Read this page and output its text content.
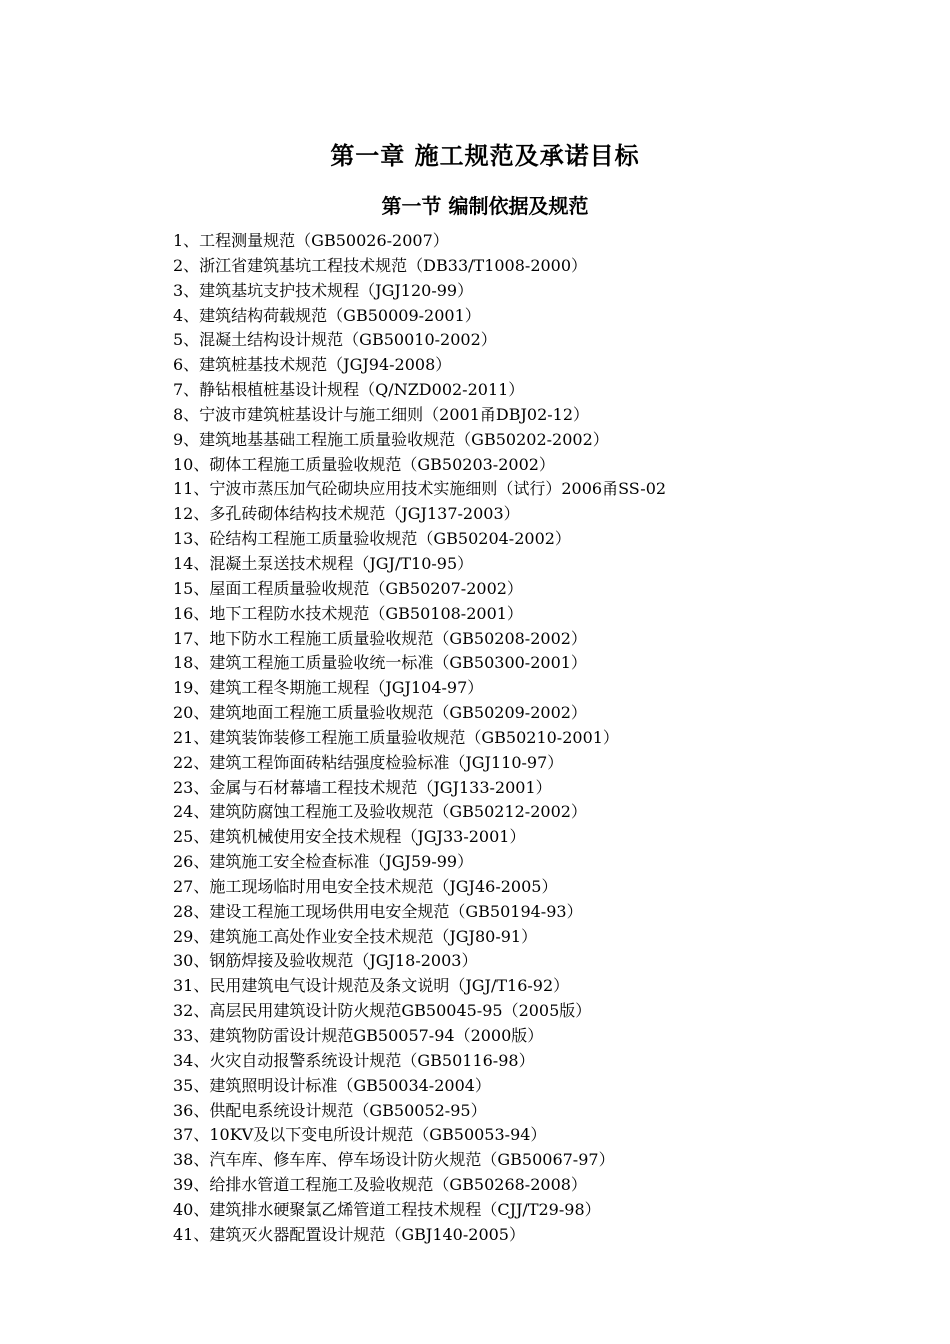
第一章 施工规范及承诺目标
第一节 编制依据及规范
1、工程测量规范（GB50026-2007）
2、浙江省建筑基坑工程技术规范（DB33/T1008-2000）
3、建筑基坑支护技术规程（JGJ120-99）
4、建筑结构荷载规范（GB50009-2001）
5、混凝土结构设计规范（GB50010-2002）
6、建筑桩基技术规范（JGJ94-2008）
7、静钻根植桩基设计规程（Q/NZD002-2011）
8、宁波市建筑桩基设计与施工细则（2001甬DBJ02-12）
9、建筑地基基础工程施工质量验收规范（GB50202-2002）
10、砌体工程施工质量验收规范（GB50203-2002）
11、宁波市蒸压加气砼砌块应用技术实施细则（试行）2006甬SS-02
12、多孔砖砌体结构技术规范（JGJ137-2003）
13、砼结构工程施工质量验收规范（GB50204-2002）
14、混凝土泵送技术规程（JGJ/T10-95）
15、屋面工程质量验收规范（GB50207-2002）
16、地下工程防水技术规范（GB50108-2001）
17、地下防水工程施工质量验收规范（GB50208-2002）
18、建筑工程施工质量验收统一标准（GB50300-2001）
19、建筑工程冬期施工规程（JGJ104-97）
20、建筑地面工程施工质量验收规范（GB50209-2002）
21、建筑装饰装修工程施工质量验收规范（GB50210-2001）
22、建筑工程饰面砖粘结强度检验标准（JGJ110-97）
23、金属与石材幕墙工程技术规范（JGJ133-2001）
24、建筑防腐蚀工程施工及验收规范（GB50212-2002）
25、建筑机械使用安全技术规程（JGJ33-2001）
26、建筑施工安全检查标准（JGJ59-99）
27、施工现场临时用电安全技术规范（JGJ46-2005）
28、建设工程施工现场供用电安全规范（GB50194-93）
29、建筑施工高处作业安全技术规范（JGJ80-91）
30、钢筋焊接及验收规范（JGJ18-2003）
31、民用建筑电气设计规范及条文说明（JGJ/T16-92）
32、高层民用建筑设计防火规范GB50045-95（2005版）
33、建筑物防雷设计规范GB50057-94（2000版）
34、火灾自动报警系统设计规范（GB50116-98）
35、建筑照明设计标准（GB50034-2004）
36、供配电系统设计规范（GB50052-95）
37、10KV及以下变电所设计规范（GB50053-94）
38、汽车库、修车库、停车场设计防火规范（GB50067-97）
39、给排水管道工程施工及验收规范（GB50268-2008）
40、建筑排水硬聚氯乙烯管道工程技术规程（CJJ/T29-98）
41、建筑灭火器配置设计规范（GBJ140-2005）
